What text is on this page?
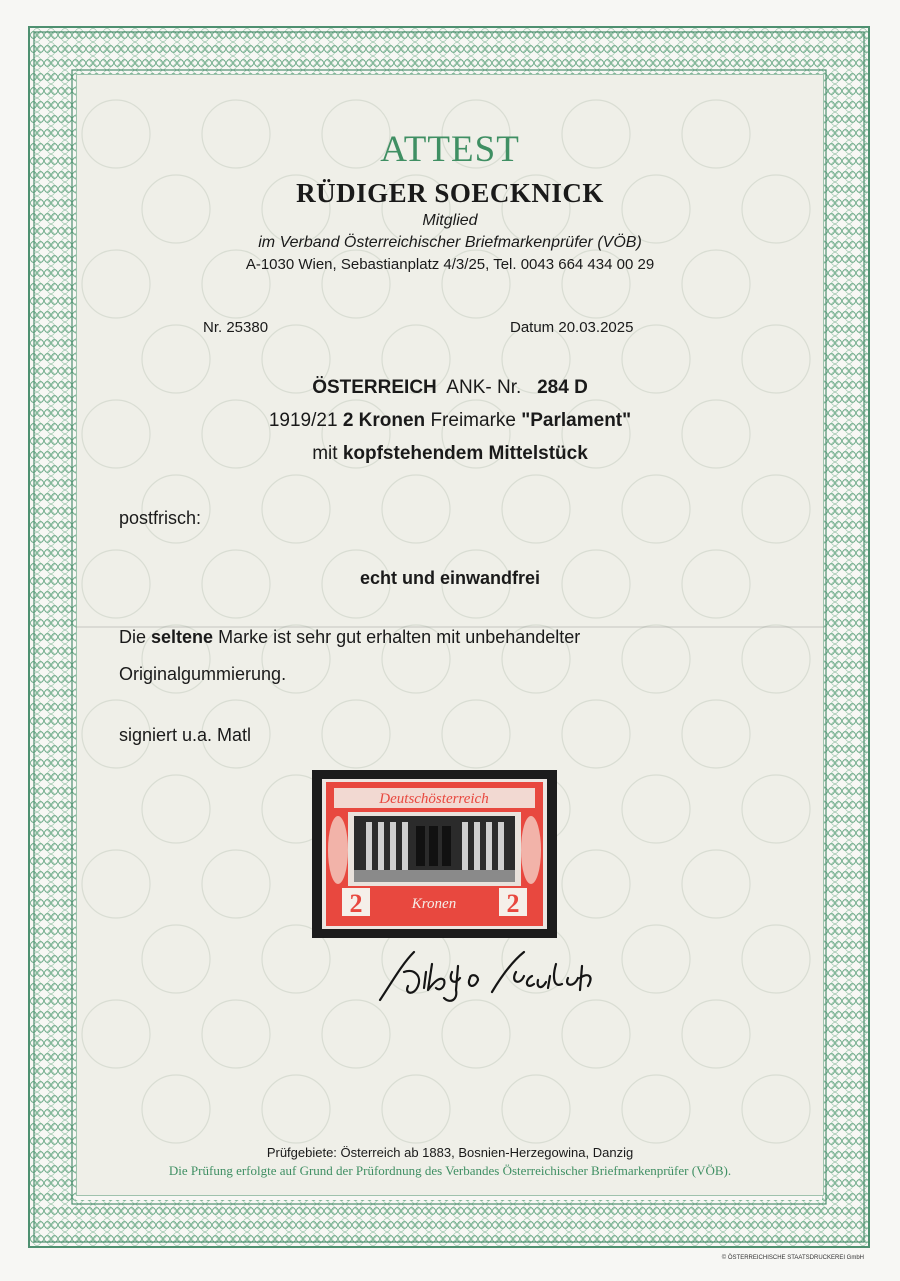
ATTEST
RÜDIGER SOECKNICK
Mitglied
im Verband Österreichischer Briefmarkenprüfer (VÖB)
A-1030 Wien, Sebastianplatz 4/3/25, Tel. 0043 664 434 00 29
Nr. 25380	Datum 20.03.2025
ÖSTERREICH ANK- Nr. 284 D
1919/21 2 Kronen Freimarke "Parlament"
mit kopfstehendem Mittelstück
postfrisch:
echt und einwandfrei
Die seltene Marke ist sehr gut erhalten mit unbehandelter
Originalgummierung.
signiert u.a. Matl
Deutschösterreich
2	2
Kronen
Prüfgebiete: Österreich ab 1883, Bosnien-Herzegowina, Danzig
Die Prüfung erfolgte auf Grund der Prüfordnung des Verbandes Österreichischer Briefmarkenprüfer (VÖB).
© ÖSTERREICHISCHE STAATSDRUCKEREI GmbH
